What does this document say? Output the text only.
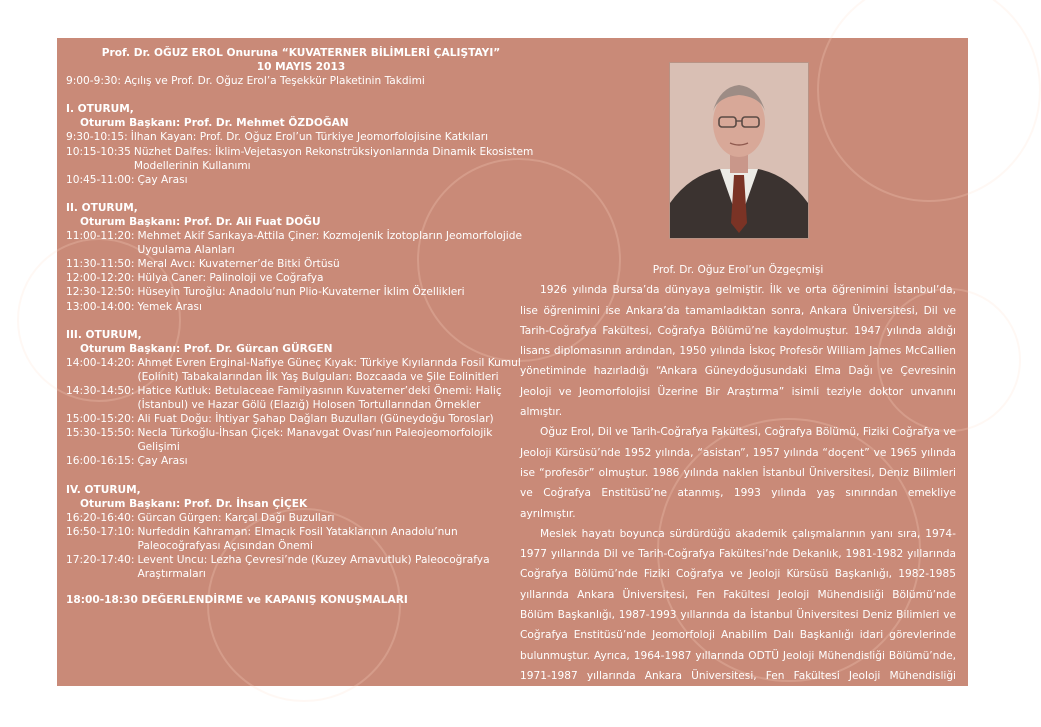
Prof. Dr. OĞUZ EROL Onuruna “KUVATERNER BİLİMLERİ ÇALIŞTAYI”
10 MAYIS 2013
9:00-9:30: Açılış ve Prof. Dr. Oğuz Erol’a Teşekkür Plaketinin Takdimi
I. OTURUM,
Oturum Başkanı: Prof. Dr. Mehmet ÖZDOĞAN
9:30-10:15: İlhan Kayan: Prof. Dr. Oğuz Erol’un Türkiye Jeomorfolojisine Katkıları
10:15-10:35 Nüzhet Dalfes: İklim-Vejetasyon Rekonstrüksiyonlarında Dinamik Ekosistem Modellerinin Kullanımı
10:45-11:00: Çay Arası
II. OTURUM,
Oturum Başkanı: Prof. Dr. Ali Fuat DOĞU
11:00-11:20: Mehmet Akif Sarıkaya-Attila Çiner: Kozmojenik İzotopların Jeomorfolojide Uygulama Alanları
11:30-11:50: Meral Avcı: Kuvaterner’de Bitki Örtüsü
12:00-12:20: Hülya Caner: Palinoloji ve Coğrafya
12:30-12:50: Hüseyin Turoğlu: Anadolu’nun Plio-Kuvaterner İklim Özellikleri
13:00-14:00: Yemek Arası
III. OTURUM,
Oturum Başkanı: Prof. Dr. Gürcan GÜRGEN
14:00-14:20: Ahmet Evren Erginal-Nafiye Güneç Kıyak: Türkiye Kıyılarında Fosil Kumul (Eolinit) Tabakalarından İlk Yaş Bulguları: Bozcaada ve Şile Eolinitleri
14:30-14:50: Hatice Kutluk: Betulaceae Familyasının Kuvaterner’deki Önemi: Haliç (İstanbul) ve Hazar Gölü (Elazığ) Holosen Tortullarından Örnekler
15:00-15:20: Ali Fuat Doğu: İhtiyar Şahap Dağları Buzulları (Güneydoğu Toroslar)
15:30-15:50: Necla Türkoğlu-İhsan Çiçek: Manavgat Ovası’nın Paleojeomorfolojik Gelişimi
16:00-16:15: Çay Arası
IV. OTURUM,
Oturum Başkanı: Prof. Dr. İhsan ÇİÇEK
16:20-16:40: Gürcan Gürgen: Karçal Dağı Buzulları
16:50-17:10: Nurfeddin Kahraman: Elmacık Fosil Yataklarının Anadolu’nun Paleocoğrafyası Açısından Önemi
17:20-17:40: Levent Uncu: Lezha Çevresi’nde (Kuzey Arnavutluk) Paleocoğrafya Araştırmaları
18:00-18:30 DEĞERLENDİRME ve KAPANIŞ KONUŞMALARI
Prof. Dr. Oğuz Erol’un Özgeçmişi

1926 yılında Bursa’da dünyaya gelmiştir. İlk ve orta öğrenimini İstanbul’da, lise öğrenimini ise Ankara’da tamamladıktan sonra, Ankara Üniversitesi, Dil ve Tarih-Coğrafya Fakültesi, Coğrafya Bölümü’ne kaydolmuştur. 1947 yılında aldığı lisans diplomasının ardından, 1950 yılında İskoç Profesör William James McCallien yönetiminde hazırladığı “Ankara Güneydoğusundaki Elma Dağı ve Çevresinin Jeoloji ve Jeomorfolojisi Üzerine Bir Araştırma” isimli teziyle doktor unvanını almıştır.

Oğuz Erol, Dil ve Tarih-Coğrafya Fakültesi, Coğrafya Bölümü, Fiziki Coğrafya ve Jeoloji Kürsüsü’nde 1952 yılında, “asistan”, 1957 yılında “doçent” ve 1965 yılında ise “profesör” olmuştur. 1986 yılında naklen İstanbul Üniversitesi, Deniz Bilimleri ve Coğrafya Enstitüsü’ne atanmış, 1993 yılında yaş sınırından emekliye ayrılmıştır.

Meslek hayatı boyunca sürdürdüğü akademik çalışmalarının yanı sıra, 1974-1977 yıllarında Dil ve Tarih-Coğrafya Fakültesi’nde Dekanlık, 1981-1982 yıllarında Coğrafya Bölümü’nde Fiziki Coğrafya ve Jeoloji Kürsüsü Başkanlığı, 1982-1985 yıllarında Ankara Üniversitesi, Fen Fakültesi Jeoloji Mühendisliği Bölümü’nde Bölüm Başkanlığı, 1987-1993 yıllarında da İstanbul Üniversitesi Deniz Bilimleri ve Coğrafya Enstitüsü’nde Jeomorfoloji Anabilim Dalı Başkanlığı idari görevlerinde bulunmuştur. Ayrıca, 1964-1987 yıllarında ODTÜ Jeoloji Mühendisliği Bölümü’nde, 1971-1987 yıllarında Ankara Üniversitesi, Fen Fakültesi Jeoloji Mühendisliği Bölümü’nde ve İTÜ Jeoloji Mühendisliği Bölümü’nde lisans ve lisansüstü eğitim programlarında çeşitli dersler vermiştir.
